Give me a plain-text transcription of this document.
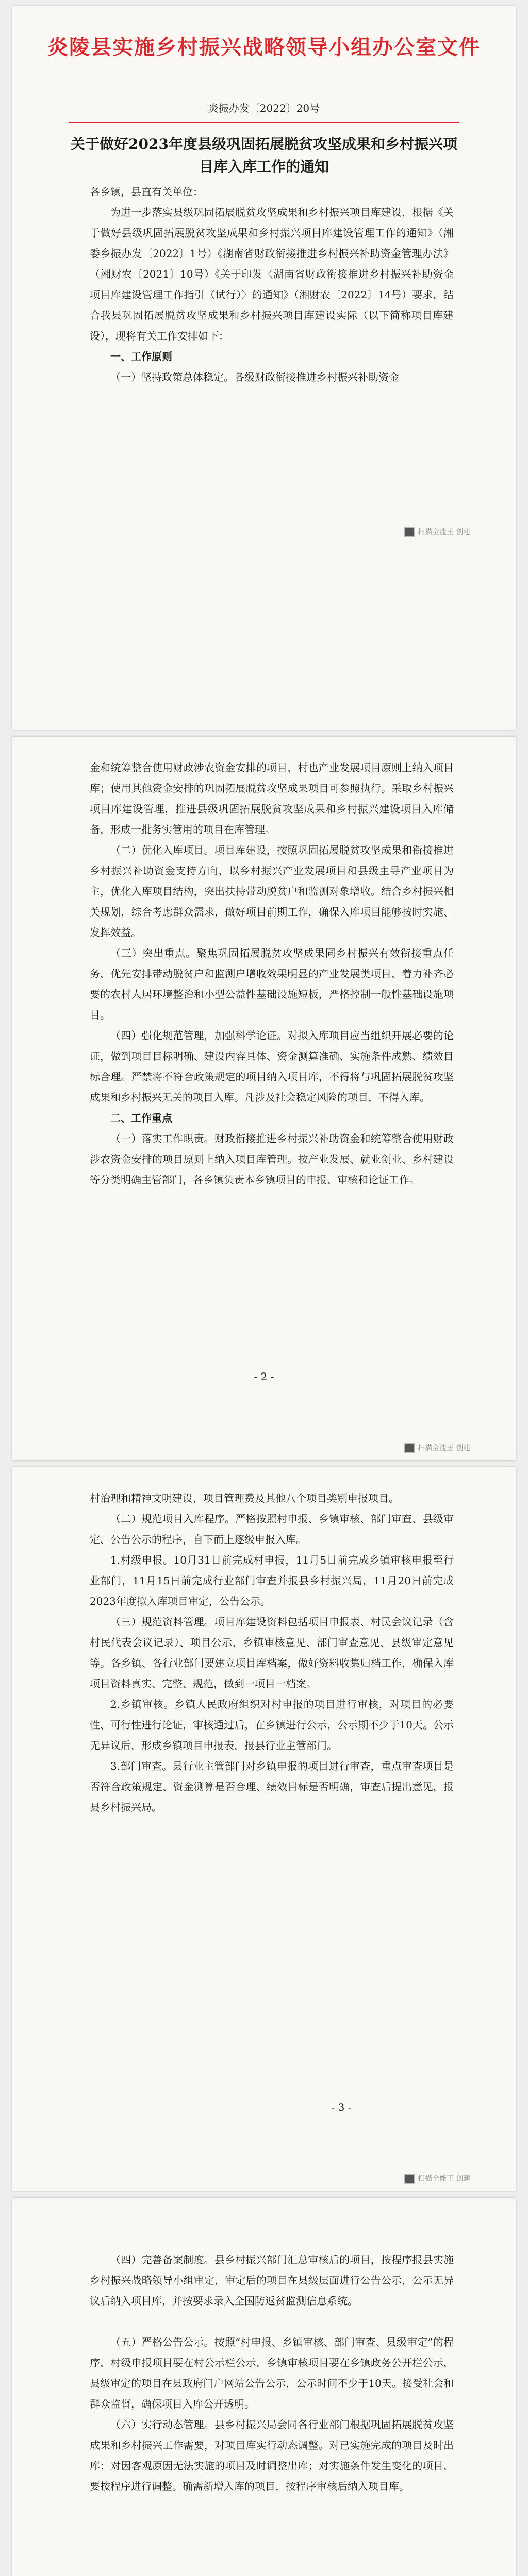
炎陵县实施乡村振兴战略领导小组办公室文件
炎振办发〔2022〕20号
关于做好2023年度县级巩固拓展脱贫攻坚成果和乡村振兴项目库入库工作的通知

各乡镇，县直有关单位：

为进一步落实县级巩固拓展脱贫攻坚成果和乡村振兴项目库建设，根据《关于做好县级巩固拓展脱贫攻坚成果和乡村振兴项目库建设管理工作的通知》（湘委乡振办发〔2022〕1号）《湖南省财政衔接推进乡村振兴补助资金管理办法》（湘财农〔2021〕10号）《关于印发〈湖南省财政衔接推进乡村振兴补助资金项目库建设管理工作指引（试行）〉的通知》（湘财农〔2022〕14号）要求，结合我县巩固拓展脱贫攻坚成果和乡村振兴项目库建设实际（以下简称项目库建设），现将有关工作安排如下：

一、工作原则

（一）坚持政策总体稳定。各级财政衔接推进乡村振兴补助资金

扫描全能王 创建

金和统筹整合使用财政涉农资金安排的项目，村也产业发展项目原则上纳入项目库；使用其他资金安排的巩固拓展脱贫攻坚成果项目可参照执行。采取乡村振兴项目库建设管理，推进县级巩固拓展脱贫攻坚成果和乡村振兴建设项目入库储备，形成一批务实管用的项目在库管理。

（二）优化入库项目。项目库建设，按照巩固拓展脱贫攻坚成果和衔接推进乡村振兴补助资金支持方向，以乡村振兴产业发展项目和县级主导产业项目为主，优化入库项目结构，突出扶持带动脱贫户和监测对象增收。结合乡村振兴相关规划，综合考虑群众需求，做好项目前期工作，确保入库项目能够按时实施、发挥效益。

（三）突出重点。聚焦巩固拓展脱贫攻坚成果同乡村振兴有效衔接重点任务，优先安排带动脱贫户和监测户增收效果明显的产业发展类项目，着力补齐必要的农村人居环境整治和小型公益性基础设施短板，严格控制一般性基础设施项目。

（四）强化规范管理，加强科学论证。对拟入库项目应当组织开展必要的论证，做到项目目标明确、建设内容具体、资金测算准确、实施条件成熟、绩效目标合理。严禁将不符合政策规定的项目纳入项目库，不得将与巩固拓展脱贫攻坚成果和乡村振兴无关的项目入库。凡涉及社会稳定风险的项目，不得入库。

二、工作重点

（一）落实工作职责。财政衔接推进乡村振兴补助资金和统筹整合使用财政涉农资金安排的项目原则上纳入项目库管理。按产业发展、就业创业、乡村建设等分类明确主管部门，各乡镇负责本乡镇项目的申报、审核和论证工作。

- 2 -
扫描全能王 创建

村治理和精神文明建设，项目管理费及其他八个项目类别申报项目。

（二）规范项目入库程序。严格按照村申报、乡镇审核、部门审查、县级审定、公告公示的程序，自下而上逐级申报入库。

1.村级申报。10月31日前完成村申报，11月5日前完成乡镇审核申报至行业部门，11月15日前完成行业部门审查并报县乡村振兴局，11月20日前完成2023年度拟入库项目审定，公告公示。

（三）规范资料管理。项目库建设资料包括项目申报表、村民会议记录（含村民代表会议记录）、项目公示、乡镇审核意见、部门审查意见、县级审定意见等。各乡镇、各行业部门要建立项目库档案，做好资料收集归档工作，确保入库项目资料真实、完整、规范，做到一项目一档案。

2.乡镇审核。乡镇人民政府组织对村申报的项目进行审核，对项目的必要性、可行性进行论证，审核通过后，在乡镇进行公示，公示期不少于10天。公示无异议后，形成乡镇项目申报表，报县行业主管部门。

3.部门审查。县行业主管部门对乡镇申报的项目进行审查，重点审查项目是否符合政策规定、资金测算是否合理、绩效目标是否明确，审查后提出意见，报县乡村振兴局。

- 3 -
扫描全能王 创建

（四）完善备案制度。县乡村振兴部门汇总审核后的项目，按程序报县实施乡村振兴战略领导小组审定，审定后的项目在县级层面进行公告公示，公示无异议后纳入项目库，并按要求录入全国防返贫监测信息系统。

（五）严格公告公示。按照“村申报、乡镇审核、部门审查、县级审定”的程序，村级申报项目要在村公示栏公示，乡镇审核项目要在乡镇政务公开栏公示，县级审定的项目在县政府门户网站公告公示，公示时间不少于10天。接受社会和群众监督，确保项目入库公开透明。

（六）实行动态管理。县乡村振兴局会同各行业部门根据巩固拓展脱贫攻坚成果和乡村振兴工作需要，对项目库实行动态调整。对已实施完成的项目及时出库；对因客观原因无法实施的项目及时调整出库；对实施条件发生变化的项目，要按程序进行调整。确需新增入库的项目，按程序审核后纳入项目库。
